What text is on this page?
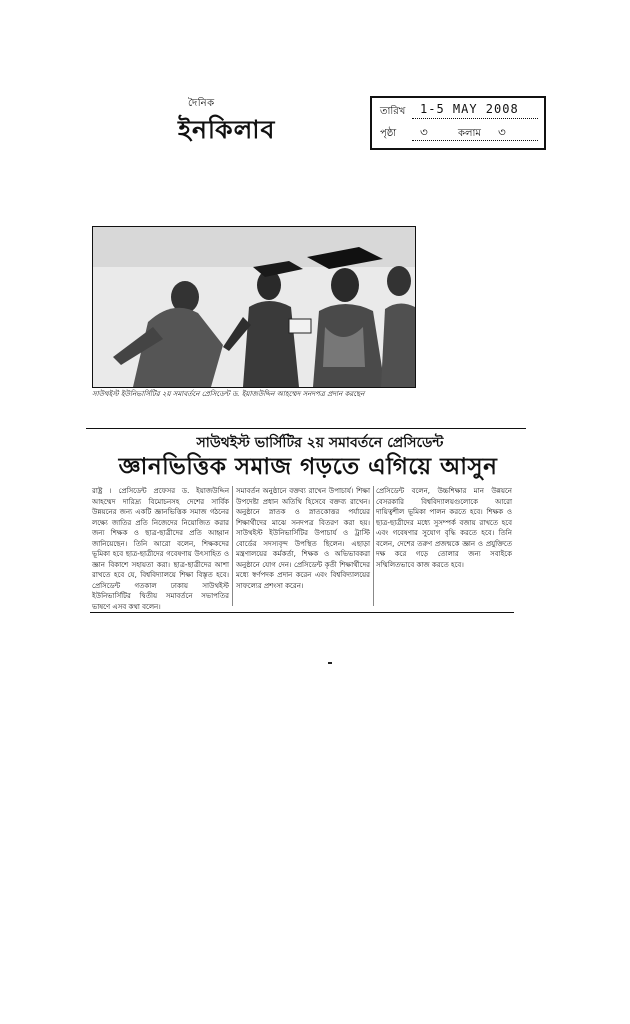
দৈনিক
ইনকিলাব
তারিখ 1-5 MAY 2008
পৃষ্ঠা ৩	কলাম ৩
সাউথইস্ট ইউনিভার্সিটির ২য় সমাবর্তনে প্রেসিডেন্ট ড. ইয়াজউদ্দিন আহম্মেদ সনদপত্র প্রদান করছেন
সাউথইস্ট ভার্সিটির ২য় সমাবর্তনে প্রেসিডেন্ট
জ্ঞানভিত্তিক সমাজ গড়তে এগিয়ে আসুন
রাষ্ট্র । প্রেসিডেন্ট প্রফেসর ড. ইয়াজউদ্দিন আহম্মেদ দারিদ্র্য বিমোচনসহ দেশের সার্বিক উন্নয়নের জন্য একটি জ্ঞানভিত্তিক সমাজ গঠনের লক্ষ্যে জাতির প্রতি নিজেদের নিয়োজিত করার জন্য শিক্ষক ও ছাত্র-ছাত্রীদের প্রতি আহ্বান জানিয়েছেন। তিনি আরো বলেন, শিক্ষকদের ভূমিকা হবে ছাত্র-ছাত্রীদের গবেষণায় উৎসাহিত ও জ্ঞান বিকাশে সহায়তা করা। ছাত্র-ছাত্রীদের আশা রাখতে হবে যে, বিশ্ববিদ্যালয়ে শিক্ষা বিস্তৃত হবে। প্রেসিডেন্ট গতকাল ঢাকায় সাউথইস্ট ইউনিভার্সিটির দ্বিতীয় সমাবর্তনে সভাপতির ভাষণে এসব কথা বলেন।
সমাবর্তন অনুষ্ঠানে বক্তব্য রাখেন উপাচার্য। শিক্ষা উপদেষ্টা প্রধান অতিথি হিসেবে বক্তব্য রাখেন। অনুষ্ঠানে স্নাতক ও স্নাতকোত্তর পর্যায়ের শিক্ষার্থীদের মাঝে সনদপত্র বিতরণ করা হয়। সাউথইস্ট ইউনিভার্সিটির উপাচার্য ও ট্রাস্টি বোর্ডের সদস্যবৃন্দ উপস্থিত ছিলেন। এছাড়া মন্ত্রণালয়ের কর্মকর্তা, শিক্ষক ও অভিভাবকরা অনুষ্ঠানে যোগ দেন। প্রেসিডেন্ট কৃতী শিক্ষার্থীদের মধ্যে স্বর্ণপদক প্রদান করেন এবং বিশ্ববিদ্যালয়ের সাফল্যের প্রশংসা করেন।
প্রেসিডেন্ট বলেন, উচ্চশিক্ষার মান উন্নয়নে বেসরকারি বিশ্ববিদ্যালয়গুলোকে আরো দায়িত্বশীল ভূমিকা পালন করতে হবে। শিক্ষক ও ছাত্র-ছাত্রীদের মধ্যে সুসম্পর্ক বজায় রাখতে হবে এবং গবেষণার সুযোগ বৃদ্ধি করতে হবে। তিনি বলেন, দেশের তরুণ প্রজন্মকে জ্ঞান ও প্রযুক্তিতে দক্ষ করে গড়ে তোলার জন্য সবাইকে সম্মিলিতভাবে কাজ করতে হবে।
